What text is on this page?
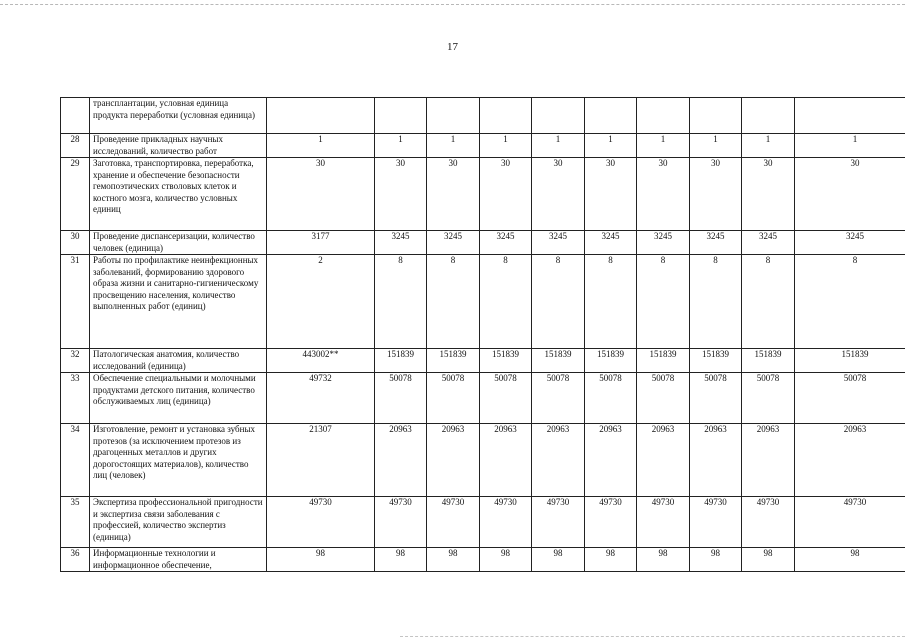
17
	трансплантации, условная единица продукта переработки (условная единица)										
28	Проведение прикладных научных исследований, количество работ	1	1	1	1	1	1	1	1	1	1
29	Заготовка, транспортировка, переработка, хранение и обеспечение безопасности гемопоэтических стволовых клеток и костного мозга, количество условных единиц	30	30	30	30	30	30	30	30	30	30
30	Проведение диспансеризации, количество человек (единица)	3177	3245	3245	3245	3245	3245	3245	3245	3245	3245
31	Работы по профилактике неинфекционных заболеваний, формированию здорового образа жизни и санитарно-гигиеническому просвещению населения, количество выполненных работ (единиц)	2	8	8	8	8	8	8	8	8	8
32	Патологическая анатомия, количество исследований (единица)	443002**	151839	151839	151839	151839	151839	151839	151839	151839	151839
33	Обеспечение специальными и молочными продуктами детского питания, количество обслуживаемых лиц (единица)	49732	50078	50078	50078	50078	50078	50078	50078	50078	50078
34	Изготовление, ремонт и установка зубных протезов (за исключением протезов из драгоценных металлов и других дорогостоящих материалов), количество лиц (человек)	21307	20963	20963	20963	20963	20963	20963	20963	20963	20963
35	Экспертиза профессиональной пригодности и экспертиза связи заболевания с профессией, количество экспертиз (единица)	49730	49730	49730	49730	49730	49730	49730	49730	49730	49730
36	Информационные технологии и информационное обеспечение,	98	98	98	98	98	98	98	98	98	98
